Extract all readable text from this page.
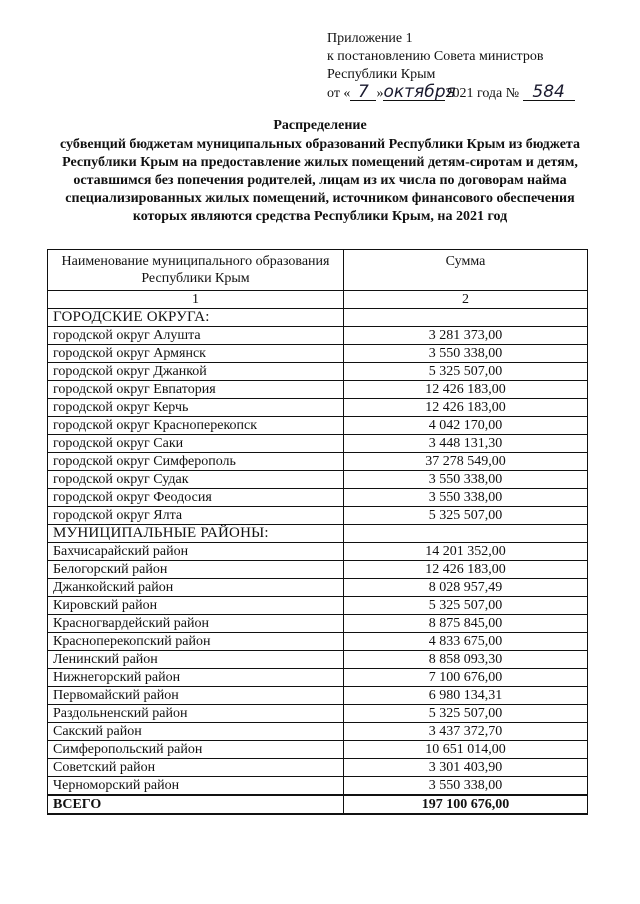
Приложение 1
к постановлению Совета министров
Республики Крым
от « 7 »октября2021 года № 584
Распределение
субвенций бюджетам муниципальных образований Республики Крым из бюджета Республики Крым на предоставление жилых помещений детям-сиротам и детям, оставшимся без попечения родителей, лицам из их числа по договорам найма специализированных жилых помещений, источником финансового обеспечения которых являются средства Республики Крым, на 2021 год
Наименование муниципального образования Республики Крым	Сумма
1	2
ГОРОДСКИЕ ОКРУГА:	
городской округ Алушта	3 281 373,00
городской округ Армянск	3 550 338,00
городской округ Джанкой	5 325 507,00
городской округ Евпатория	12 426 183,00
городской округ Керчь	12 426 183,00
городской округ Красноперекопск	4 042 170,00
городской округ Саки	3 448 131,30
городской округ Симферополь	37 278 549,00
городской округ Судак	3 550 338,00
городской округ Феодосия	3 550 338,00
городской округ Ялта	5 325 507,00
МУНИЦИПАЛЬНЫЕ РАЙОНЫ:	
Бахчисарайский район	14 201 352,00
Белогорский район	12 426 183,00
Джанкойский район	8 028 957,49
Кировский район	5 325 507,00
Красногвардейский район	8 875 845,00
Красноперекопский район	4 833 675,00
Ленинский район	8 858 093,30
Нижнегорский район	7 100 676,00
Первомайский район	6 980 134,31
Раздольненский район	5 325 507,00
Сакский район	3 437 372,70
Симферопольский район	10 651 014,00
Советский район	3 301 403,90
Черноморский район	3 550 338,00
ВСЕГО	197 100 676,00
